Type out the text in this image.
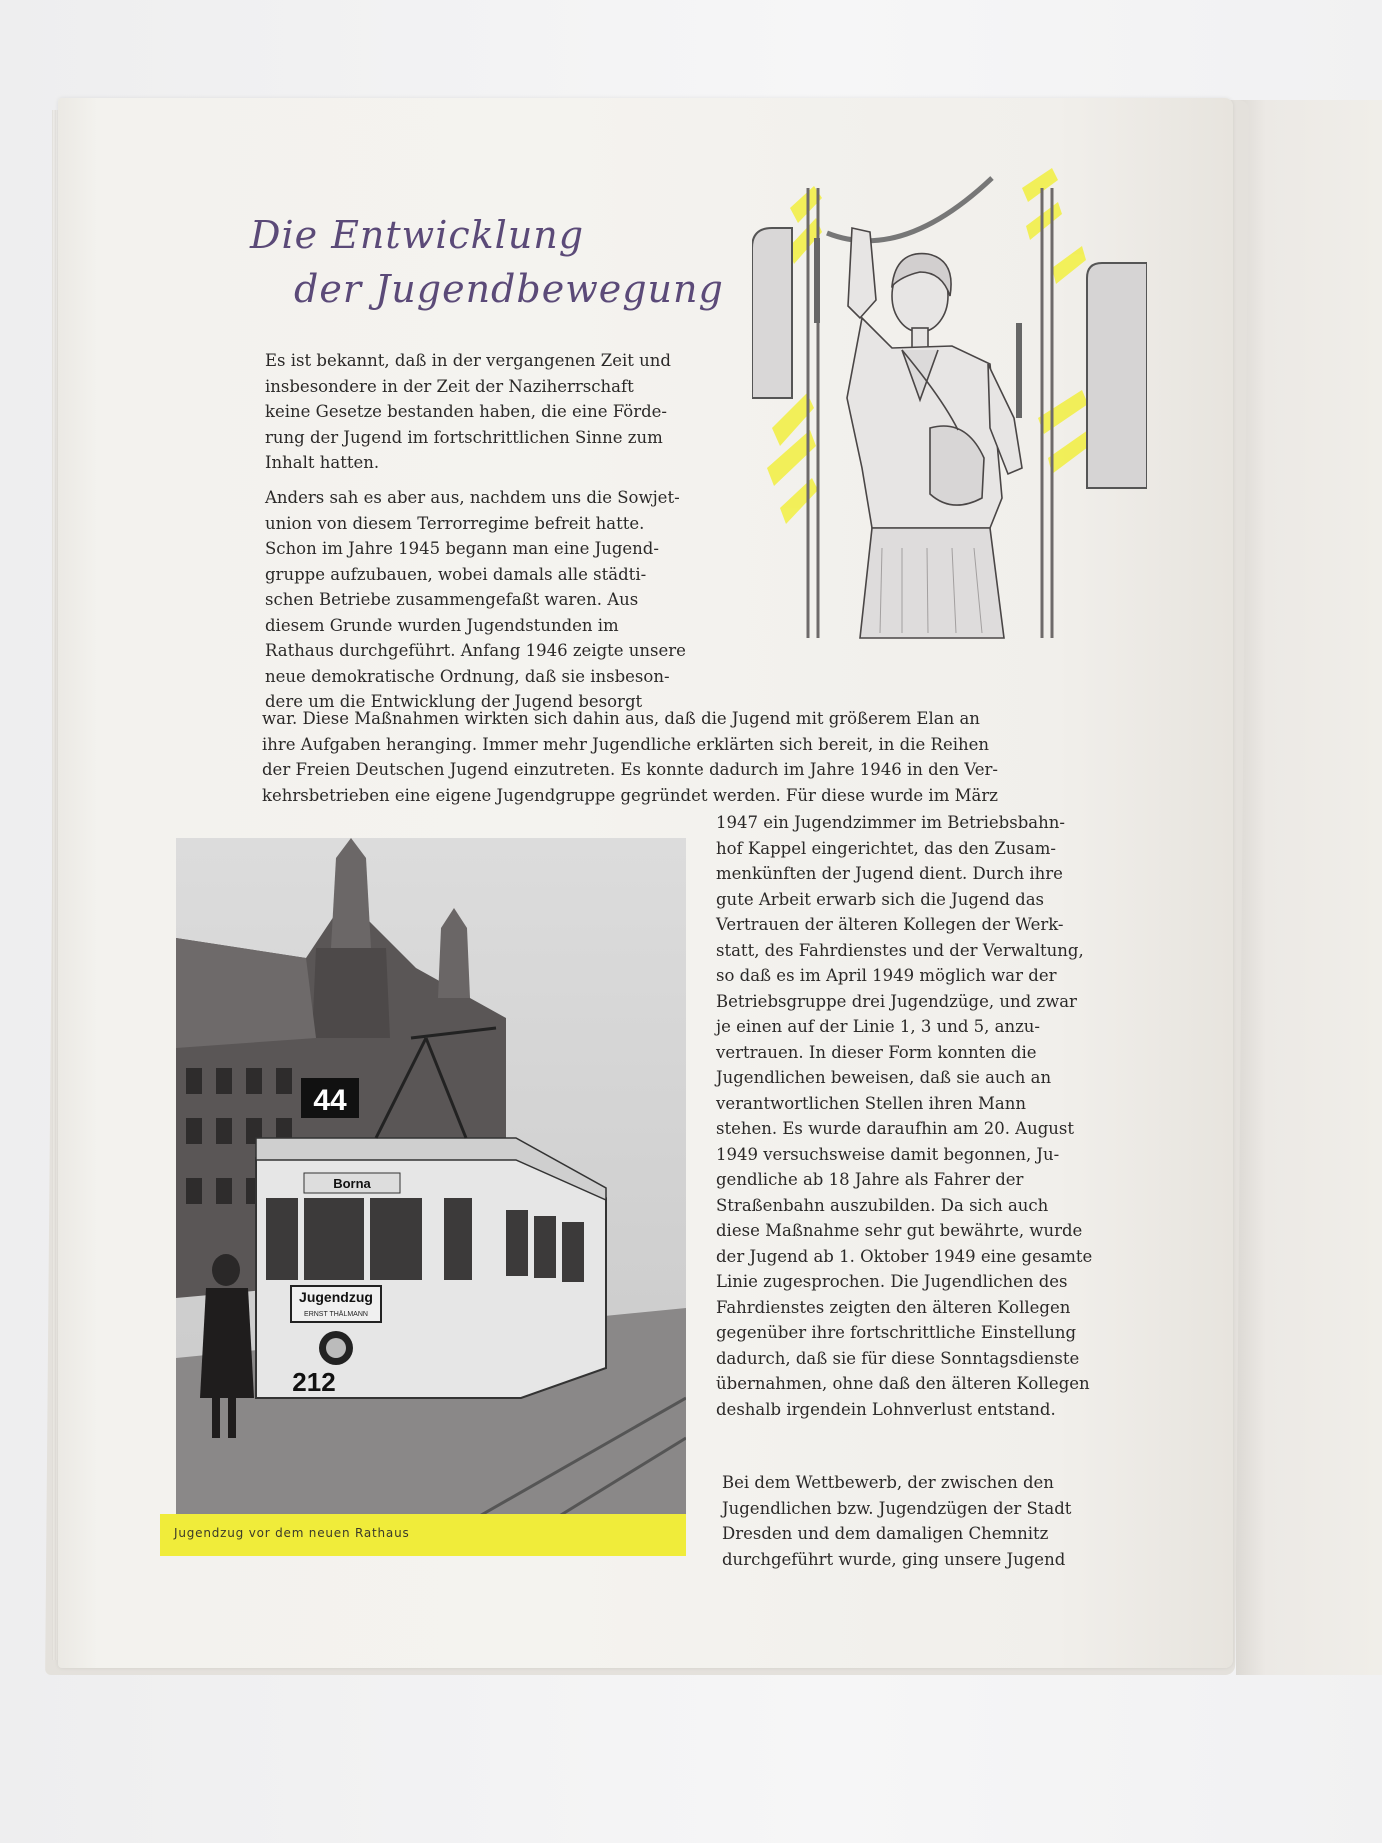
Die Entwicklung
der Jugendbewegung

Es ist bekannt, daß in der vergangenen Zeit und
insbesondere in der Zeit der Naziherrschaft
keine Gesetze bestanden haben, die eine Förde-
rung der Jugend im fortschrittlichen Sinne zum
Inhalt hatten.

Anders sah es aber aus, nachdem uns die Sowjet-
union von diesem Terrorregime befreit hatte.
Schon im Jahre 1945 begann man eine Jugend-
gruppe aufzubauen, wobei damals alle städti-
schen Betriebe zusammengefaßt waren. Aus
diesem Grunde wurden Jugendstunden im
Rathaus durchgeführt. Anfang 1946 zeigte unsere
neue demokratische Ordnung, daß sie insbeson-
dere um die Entwicklung der Jugend besorgt

war. Diese Maßnahmen wirkten sich dahin aus, daß die Jugend mit größerem Elan an
ihre Aufgaben heranging. Immer mehr Jugendliche erklärten sich bereit, in die Reihen
der Freien Deutschen Jugend einzutreten. Es konnte dadurch im Jahre 1946 in den Ver-
kehrsbetrieben eine eigene Jugendgruppe gegründet werden. Für diese wurde im März

1947 ein Jugendzimmer im Betriebsbahn-
hof Kappel eingerichtet, das den Zusam-
menkünften der Jugend dient. Durch ihre
gute Arbeit erwarb sich die Jugend das
Vertrauen der älteren Kollegen der Werk-
statt, des Fahrdienstes und der Verwaltung,
so daß es im April 1949 möglich war der
Betriebsgruppe drei Jugendzüge, und zwar
je einen auf der Linie 1, 3 und 5, anzu-
vertrauen. In dieser Form konnten die
Jugendlichen beweisen, daß sie auch an
verantwortlichen Stellen ihren Mann
stehen. Es wurde daraufhin am 20. August
1949 versuchsweise damit begonnen, Ju-
gendliche ab 18 Jahre als Fahrer der
Straßenbahn auszubilden. Da sich auch
diese Maßnahme sehr gut bewährte, wurde
der Jugend ab 1. Oktober 1949 eine gesamte
Linie zugesprochen. Die Jugendlichen des
Fahrdienstes zeigten den älteren Kollegen
gegenüber ihre fortschrittliche Einstellung
dadurch, daß sie für diese Sonntagsdienste
übernahmen, ohne daß den älteren Kollegen
deshalb irgendein Lohnverlust entstand.

Bei dem Wettbewerb, der zwischen den
Jugendlichen bzw. Jugendzügen der Stadt
Dresden und dem damaligen Chemnitz
durchgeführt wurde, ging unsere Jugend

44
Borna
Jugendzug
ERNST THÄLMANN
212
Jugendzug vor dem neuen Rathaus
